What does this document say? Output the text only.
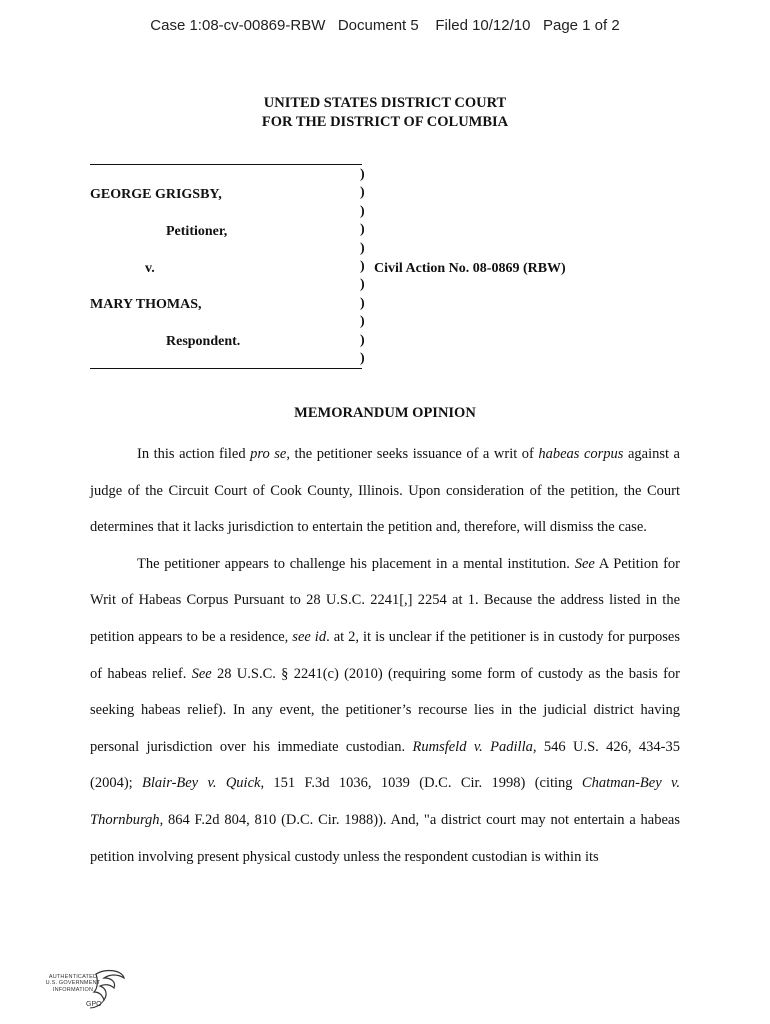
Case 1:08-cv-00869-RBW   Document 5    Filed 10/12/10   Page 1 of 2
UNITED STATES DISTRICT COURT
FOR THE DISTRICT OF COLUMBIA
GEORGE GRIGSBY,
Petitioner,
v.
MARY THOMAS,
Respondent.
Civil Action No. 08-0869 (RBW)
)
)
)
)
)
)
)
)
)
)
)
MEMORANDUM OPINION

In this action filed pro se, the petitioner seeks issuance of a writ of habeas corpus against a judge of the Circuit Court of Cook County, Illinois. Upon consideration of the petition, the Court determines that it lacks jurisdiction to entertain the petition and, therefore, will dismiss the case.

The petitioner appears to challenge his placement in a mental institution. See A Petition for Writ of Habeas Corpus Pursuant to 28 U.S.C. 2241[,] 2254 at 1. Because the address listed in the petition appears to be a residence, see id. at 2, it is unclear if the petitioner is in custody for purposes of habeas relief. See 28 U.S.C. § 2241(c) (2010) (requiring some form of custody as the basis for seeking habeas relief). In any event, the petitioner’s recourse lies in the judicial district having personal jurisdiction over his immediate custodian. Rumsfeld v. Padilla, 546 U.S. 426, 434-35 (2004); Blair-Bey v. Quick, 151 F.3d 1036, 1039 (D.C. Cir. 1998) (citing Chatman-Bey v. Thornburgh, 864 F.2d 804, 810 (D.C. Cir. 1988)). And, "a district court may not entertain a habeas petition involving present physical custody unless the respondent custodian is within its

AUTHENTICATED
U.S. GOVERNMENT
INFORMATION
GPO
